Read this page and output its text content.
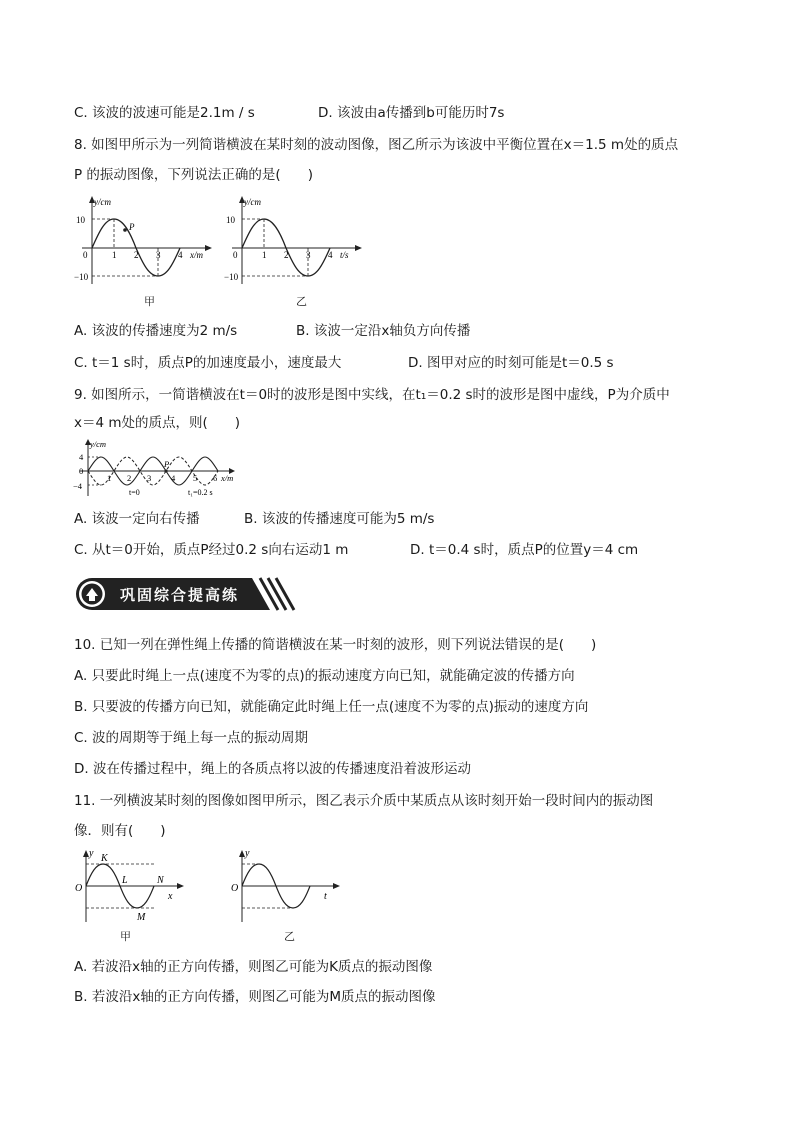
C. 该波的波速可能是2.1m / s	D. 该波由a传播到b可能历时7s
8. 如图甲所示为一列简谐横波在某时刻的波动图像，图乙所示为该波中平衡位置在x＝1.5 m处的质点
P 的振动图像，下列说法正确的是(　　)
y/cm
10
−10
0	1 2 3 4 x/m
P
甲
y/cm
10
−10
0	1 2 3 4 t/s
乙
A. 该波的传播速度为2 m/s	B. 该波一定沿x轴负方向传播
C. t＝1 s时，质点P的加速度最小，速度最大	D. 图甲对应的时刻可能是t＝0.5 s
9. 如图所示，一简谐横波在t＝0时的波形是图中实线，在t₁＝0.2 s时的波形是图中虚线，P为介质中
x＝4 m处的质点，则(　　)
y/cm
4
−4
0
1 2 3 4 5 6 x/m
P
t=0	t₁=0.2 s
A. 该波一定向右传播	B. 该波的传播速度可能为5 m/s
C. 从t＝0开始，质点P经过0.2 s向右运动1 m	D. t＝0.4 s时，质点P的位置y＝4 cm
巩固综合提高练
10. 已知一列在弹性绳上传播的简谐横波在某一时刻的波形，则下列说法错误的是(　　)
A. 只要此时绳上一点(速度不为零的点)的振动速度方向已知，就能确定波的传播方向
B. 只要波的传播方向已知，就能确定此时绳上任一点(速度不为零的点)振动的速度方向
C. 波的周期等于绳上每一点的振动周期
D. 波在传播过程中，绳上的各质点将以波的传播速度沿着波形运动
11. 一列横波某时刻的图像如图甲所示，图乙表示介质中某质点从该时刻开始一段时间内的振动图
像．则有(　　)
y
O
K
L
M
N
x
甲
y
O
t
乙
A. 若波沿x轴的正方向传播，则图乙可能为K质点的振动图像
B. 若波沿x轴的正方向传播，则图乙可能为M质点的振动图像
